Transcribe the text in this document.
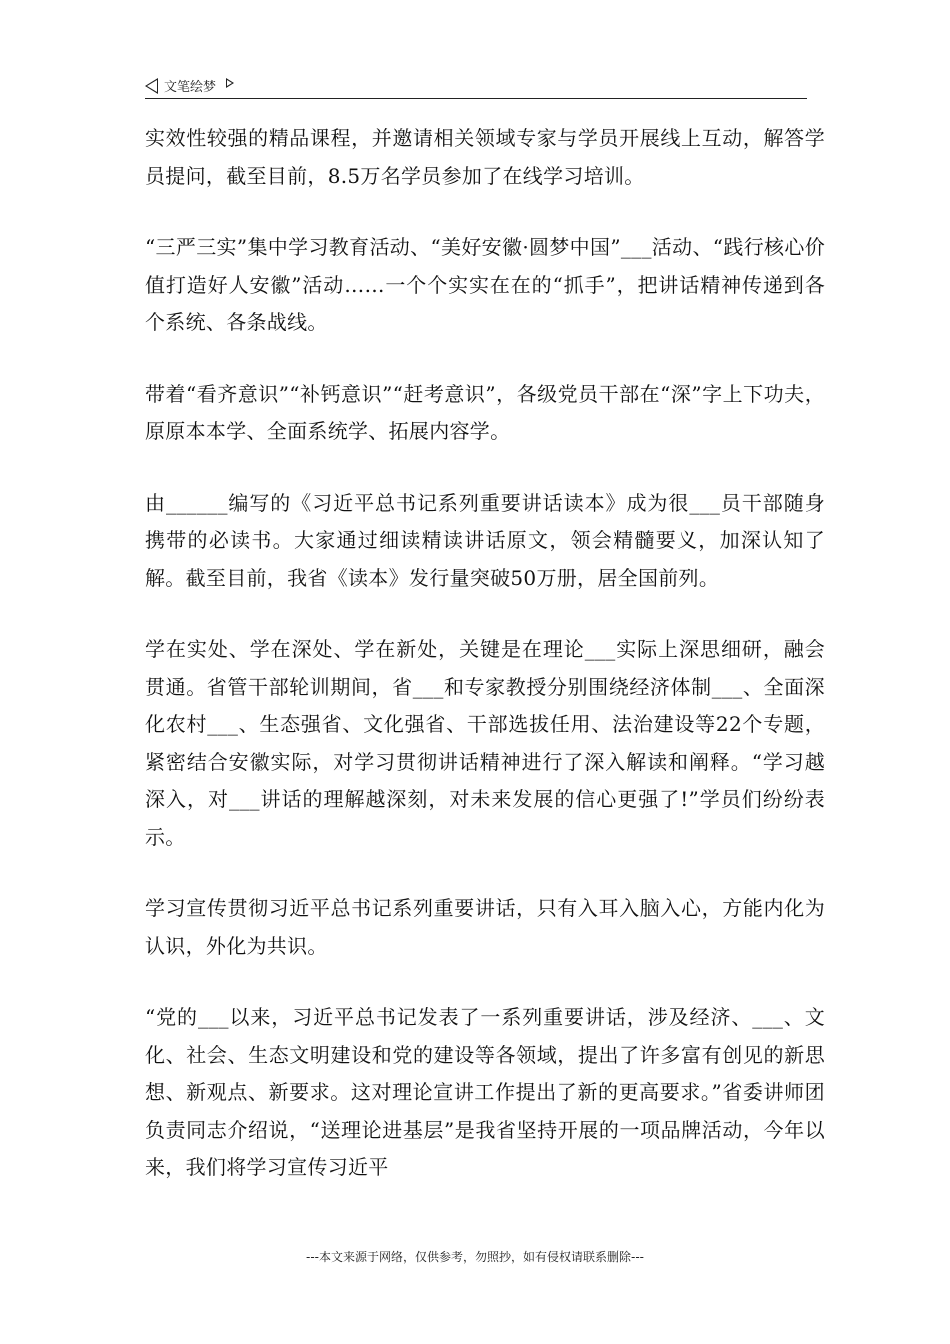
文笔绘梦

实效性较强的精品课程，并邀请相关领域专家与学员开展线上互动，解答学员提问，截至目前，8.5万名学员参加了在线学习培训。

“三严三实”集中学习教育活动、“美好安徽·圆梦中国”___活动、“践行核心价值打造好人安徽”活动……一个个实实在在的“抓手”，把讲话精神传递到各个系统、各条战线。

带着“看齐意识”“补钙意识”“赶考意识”，各级党员干部在“深”字上下功夫，原原本本学、全面系统学、拓展内容学。

由______编写的《习近平总书记系列重要讲话读本》成为很___员干部随身携带的必读书。大家通过细读精读讲话原文，领会精髓要义，加深认知了解。截至目前，我省《读本》发行量突破50万册，居全国前列。

学在实处、学在深处、学在新处，关键是在理论___实际上深思细研，融会贯通。省管干部轮训期间，省___和专家教授分别围绕经济体制___、全面深化农村___、生态强省、文化强省、干部选拔任用、法治建设等22个专题，紧密结合安徽实际，对学习贯彻讲话精神进行了深入解读和阐释。“学习越深入，对___讲话的理解越深刻，对未来发展的信心更强了!”学员们纷纷表示。

学习宣传贯彻习近平总书记系列重要讲话，只有入耳入脑入心，方能内化为认识，外化为共识。

“党的___以来，习近平总书记发表了一系列重要讲话，涉及经济、___、文化、社会、生态文明建设和党的建设等各领域，提出了许多富有创见的新思想、新观点、新要求。这对理论宣讲工作提出了新的更高要求。”省委讲师团负责同志介绍说，“送理论进基层”是我省坚持开展的一项品牌活动，今年以来，我们将学习宣传习近平

---本文来源于网络，仅供参考，勿照抄，如有侵权请联系删除---
